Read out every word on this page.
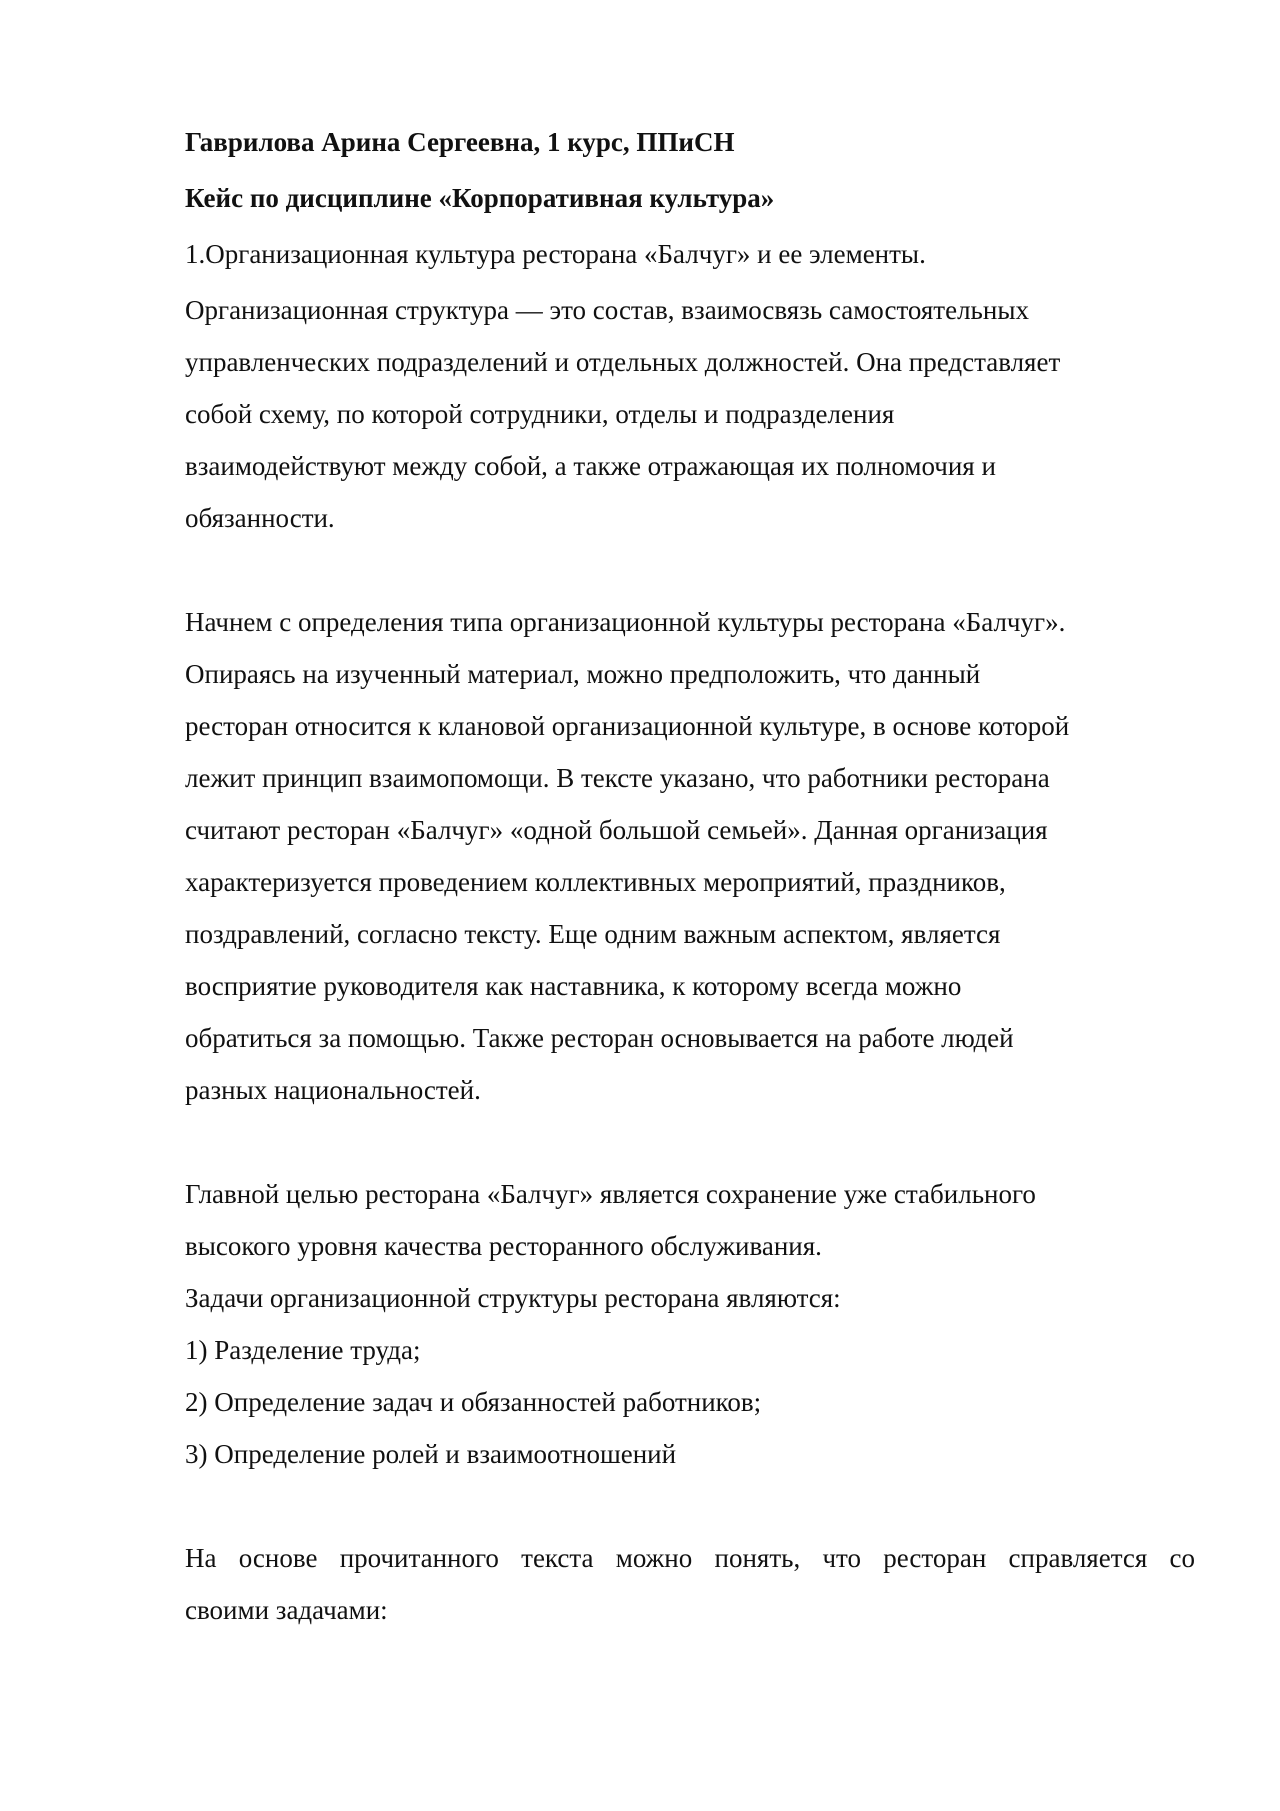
Гаврилова Арина Сергеевна, 1 курс, ППиСН
Кейс по дисциплине «Корпоративная культура»
1.Организационная культура ресторана «Балчуг» и ее элементы.
Организационная структура — это состав, взаимосвязь самостоятельных
управленческих подразделений и отдельных должностей. Она представляет
собой схему, по которой сотрудники, отделы и подразделения
взаимодействуют между собой, а также отражающая их полномочия и
обязанности.
Начнем с определения типа организационной культуры ресторана «Балчуг».
Опираясь на изученный материал, можно предположить, что данный
ресторан относится к клановой организационной культуре, в основе которой
лежит принцип взаимопомощи. В тексте указано, что работники ресторана
считают ресторан «Балчуг» «одной большой семьей». Данная организация
характеризуется проведением коллективных мероприятий, праздников,
поздравлений, согласно тексту. Еще одним важным аспектом, является
восприятие руководителя как наставника, к которому всегда можно
обратиться за помощью. Также ресторан основывается на работе людей
разных национальностей.
Главной целью ресторана «Балчуг» является сохранение уже стабильного
высокого уровня качества ресторанного обслуживания.
Задачи организационной структуры ресторана являются:
1) Разделение труда;
2) Определение задач и обязанностей работников;
3) Определение ролей и взаимоотношений
На основе прочитанного текста можно понять, что ресторан справляется со
своими задачами:
